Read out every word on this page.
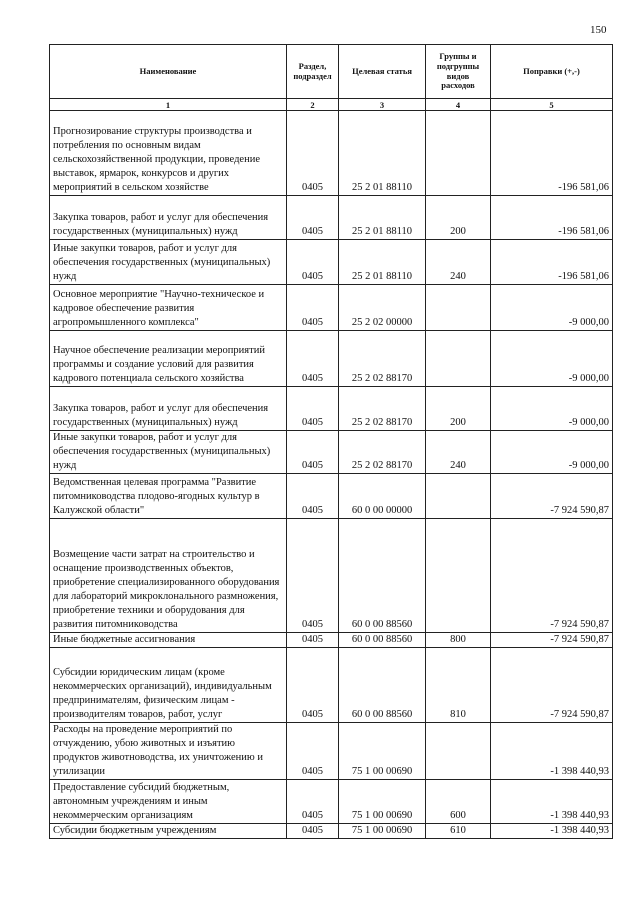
150
Наименование	Раздел, подраздел	Целевая статья	Группы и подгруппы видов расходов	Поправки (+,-)
1	2	3	4	5
Прогнозирование структуры производства и потребления по основным видам сельскохозяйственной продукции, проведение выставок, ярмарок, конкурсов и других мероприятий в сельском хозяйстве	0405	25 2 01 88110		-196 581,06
Закупка товаров, работ и услуг для обеспечения государственных (муниципальных) нужд	0405	25 2 01 88110	200	-196 581,06
Иные закупки товаров, работ и услуг для обеспечения государственных (муниципальных) нужд	0405	25 2 01 88110	240	-196 581,06
Основное мероприятие "Научно-техническое и кадровое обеспечение развития агропромышленного комплекса"	0405	25 2 02 00000		-9 000,00
Научное обеспечение реализации мероприятий программы и создание условий для развития кадрового потенциала сельского хозяйства	0405	25 2 02 88170		-9 000,00
Закупка товаров, работ и услуг для обеспечения государственных (муниципальных) нужд	0405	25 2 02 88170	200	-9 000,00
Иные закупки товаров, работ и услуг для обеспечения государственных (муниципальных) нужд	0405	25 2 02 88170	240	-9 000,00
Ведомственная целевая программа "Развитие питомниководства плодово-ягодных культур в Калужской области"	0405	60 0 00 00000		-7 924 590,87
Возмещение части затрат на строительство и оснащение производственных объектов, приобретение специализированного оборудования для лабораторий микроклонального размножения, приобретение техники и оборудования для развития питомниководства	0405	60 0 00 88560		-7 924 590,87
Иные бюджетные ассигнования	0405	60 0 00 88560	800	-7 924 590,87
Субсидии юридическим лицам (кроме некоммерческих организаций), индивидуальным предпринимателям, физическим лицам - производителям товаров, работ, услуг	0405	60 0 00 88560	810	-7 924 590,87
Расходы на проведение мероприятий по отчуждению, убою животных и изъятию продуктов животноводства, их уничтожению и утилизации	0405	75 1 00 00690		-1 398 440,93
Предоставление субсидий бюджетным, автономным учреждениям и иным некоммерческим организациям	0405	75 1 00 00690	600	-1 398 440,93
Субсидии бюджетным учреждениям	0405	75 1 00 00690	610	-1 398 440,93
